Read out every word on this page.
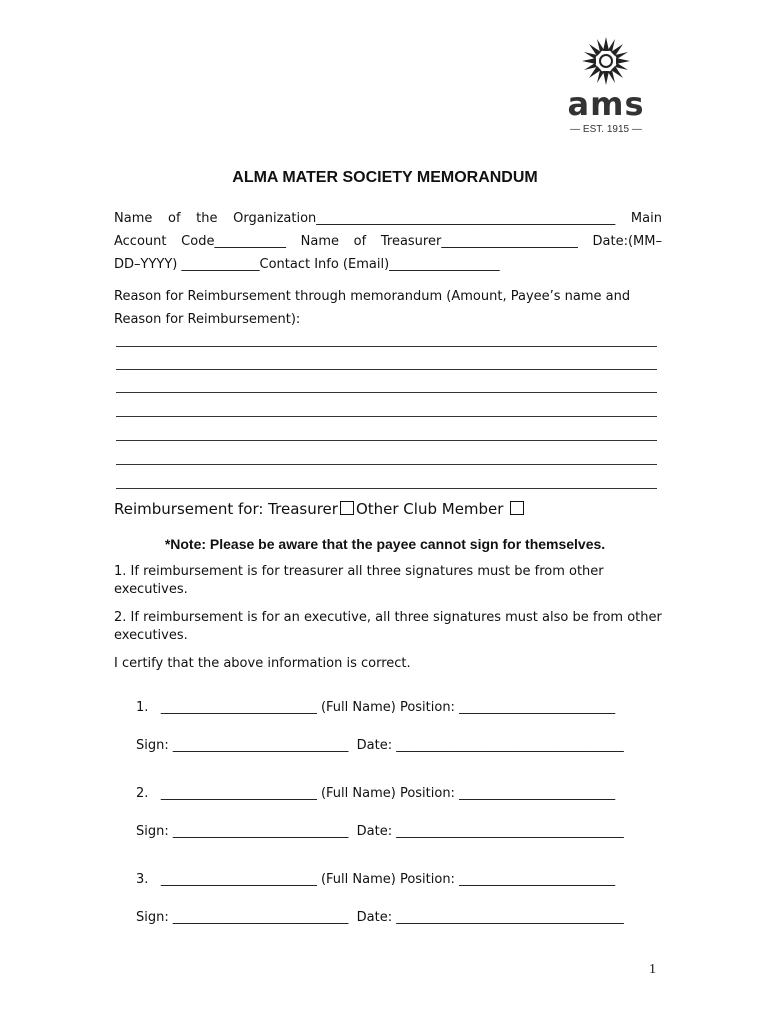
ams
— EST. 1915 —
ALMA MATER SOCIETY MEMORANDUM
Name of the Organization______________________________________________ Main
Account Code___________ Name of Treasurer_____________________ Date:(MM–
DD–YYYY) ____________Contact Info (Email)_________________
Reason for Reimbursement through memorandum (Amount, Payee’s name and
Reason for Reimbursement):
Reimbursement for: Treasurer Other Club Member
*Note: Please be aware that the payee cannot sign for themselves.
1. If reimbursement is for treasurer all three signatures must be from other executives.
2. If reimbursement is for an executive, all three signatures must also be from other executives.
I certify that the above information is correct.
1. ________________________ (Full Name) Position: ________________________
Sign: ___________________________ Date: ___________________________________
2. ________________________ (Full Name) Position: ________________________
Sign: ___________________________ Date: ___________________________________
3. ________________________ (Full Name) Position: ________________________
Sign: ___________________________ Date: ___________________________________
1
